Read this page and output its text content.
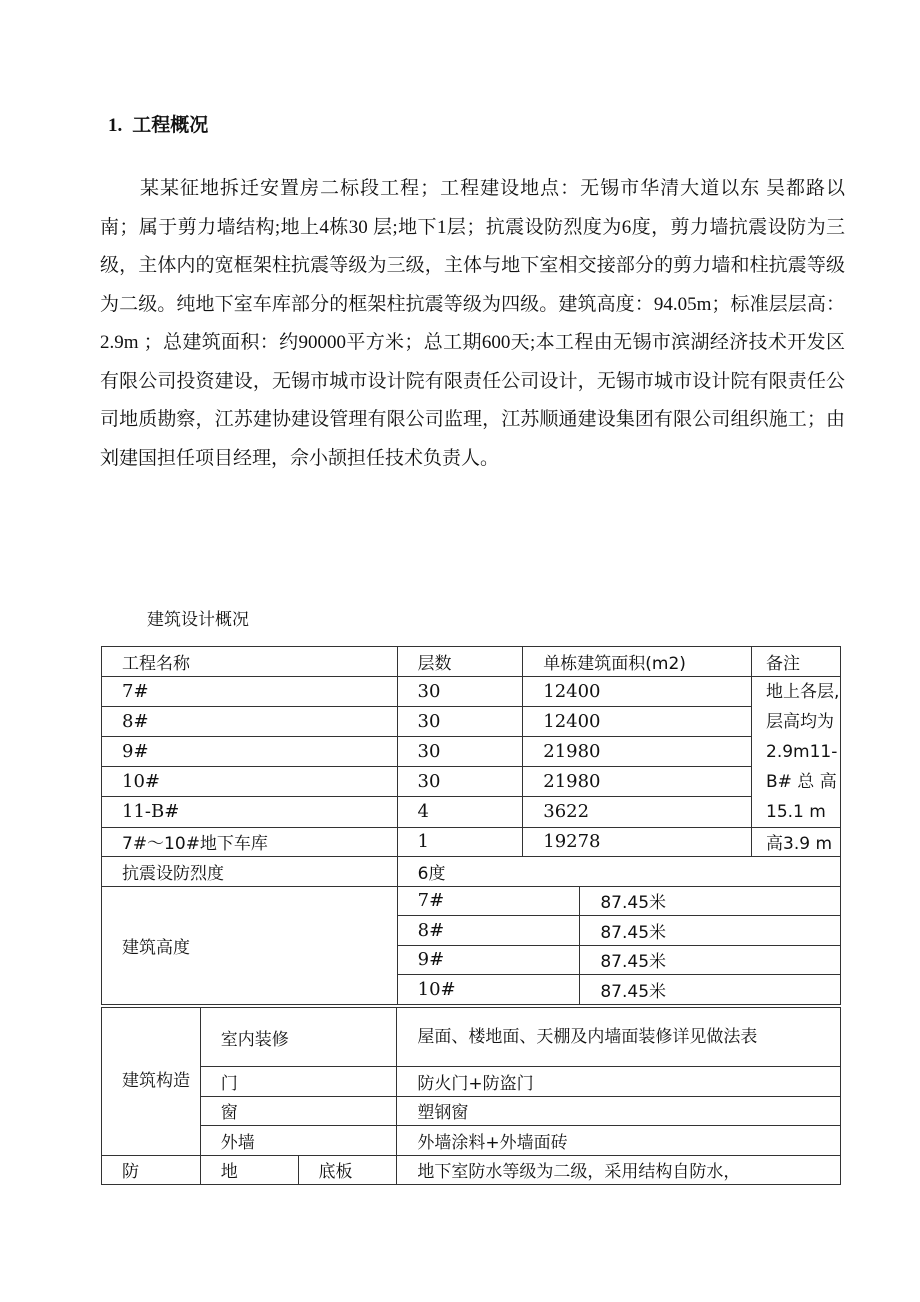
1. 工程概况
某某征地拆迁安置房二标段工程；工程建设地点：无锡市华清大道以东 吴都路以南；属于剪力墙结构;地上4栋30 层;地下1层；抗震设防烈度为6度，剪力墙抗震设防为三级，主体内的宽框架柱抗震等级为三级，主体与地下室相交接部分的剪力墙和柱抗震等级为二级。纯地下室车库部分的框架柱抗震等级为四级。建筑高度：94.05m；标准层层高：2.9m ；总建筑面积：约90000平方米；总工期600天;本工程由无锡市滨湖经济技术开发区有限公司投资建设，无锡市城市设计院有限责任公司设计，无锡市城市设计院有限责任公司地质勘察，江苏建协建设管理有限公司监理，江苏顺通建设集团有限公司组织施工；由刘建国担任项目经理，佘小颉担任技术负责人。
建筑设计概况
工程名称	层数	单栋建筑面积(m2)	备注
7#	30	12400	地上各层,层高均为2.9m11-B# 总 高15.1 m
8#	30	12400	
9#	30	21980	
10#	30	21980	
11-B#	4	3622	
7#～10#地下车库	1	19278	高3.9 m
抗震设防烈度	6度	
建筑高度	7#	87.45米
	8#	87.45米
	9#	87.45米
	10#	87.45米
建筑构造	室内装修		屋面、楼地面、天棚及内墙面装修详见做法表
	门		防火门+防盗门
	窗		塑钢窗
	外墙		外墙涂料+外墙面砖
防	地	底板	地下室防水等级为二级，采用结构自防水，
